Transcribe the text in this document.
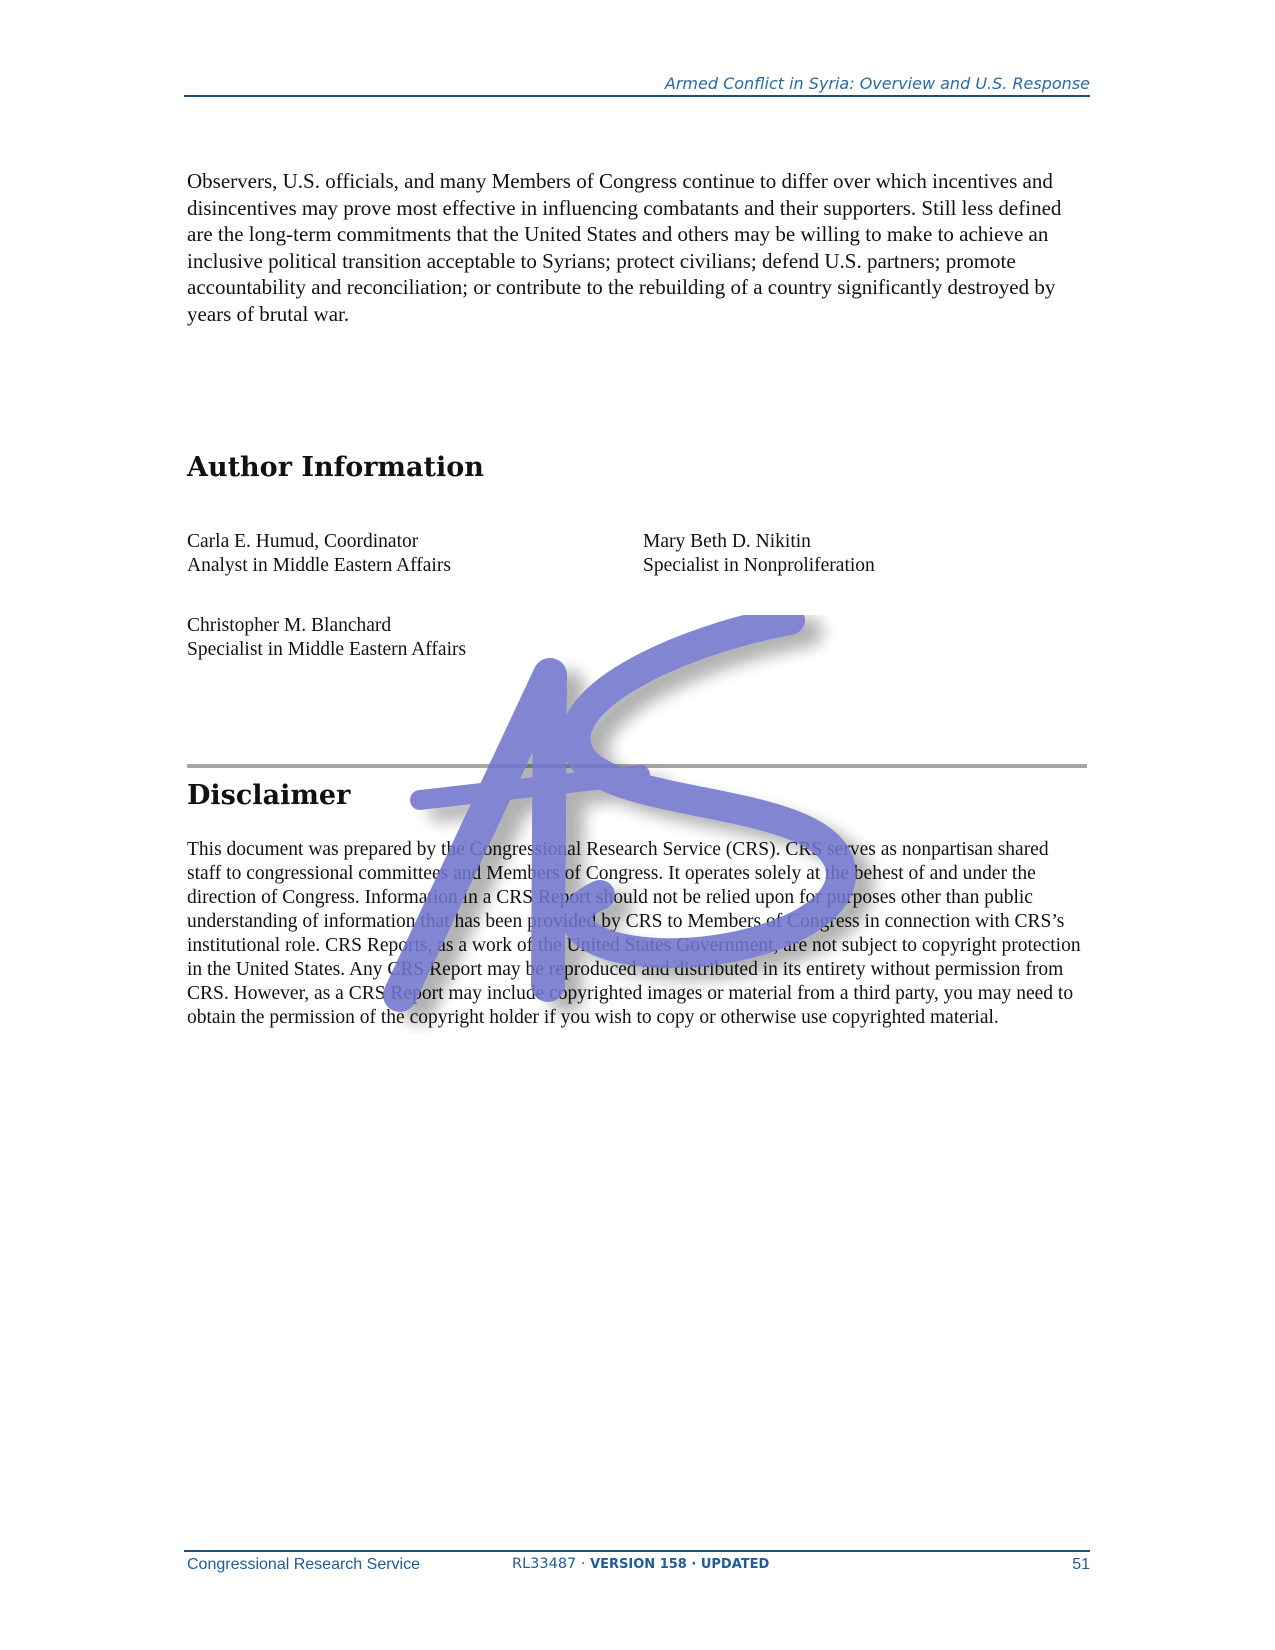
Armed Conflict in Syria: Overview and U.S. Response

Observers, U.S. officials, and many Members of Congress continue to differ over which incentives and disincentives may prove most effective in influencing combatants and their supporters. Still less defined are the long-term commitments that the United States and others may be willing to make to achieve an inclusive political transition acceptable to Syrians; protect civilians; defend U.S. partners; promote accountability and reconciliation; or contribute to the rebuilding of a country significantly destroyed by years of brutal war.

Author Information
Carla E. Humud, Coordinator
Analyst in Middle Eastern Affairs
Mary Beth D. Nikitin
Specialist in Nonproliferation
Christopher M. Blanchard
Specialist in Middle Eastern Affairs
Disclaimer

This document was prepared by the Congressional Research Service (CRS). CRS serves as nonpartisan shared staff to congressional committees and Members of Congress. It operates solely at the behest of and under the direction of Congress. Information in a CRS Report should not be relied upon for purposes other than public understanding of information that has been provided by CRS to Members of Congress in connection with CRS’s institutional role. CRS Reports, as a work of the United States Government, are not subject to copyright protection in the United States. Any CRS Report may be reproduced and distributed in its entirety without permission from CRS. However, as a CRS Report may include copyrighted images or material from a third party, you may need to obtain the permission of the copyright holder if you wish to copy or otherwise use copyrighted material.

Congressional Research Service	RL33487 · VERSION 158 · UPDATED	51
